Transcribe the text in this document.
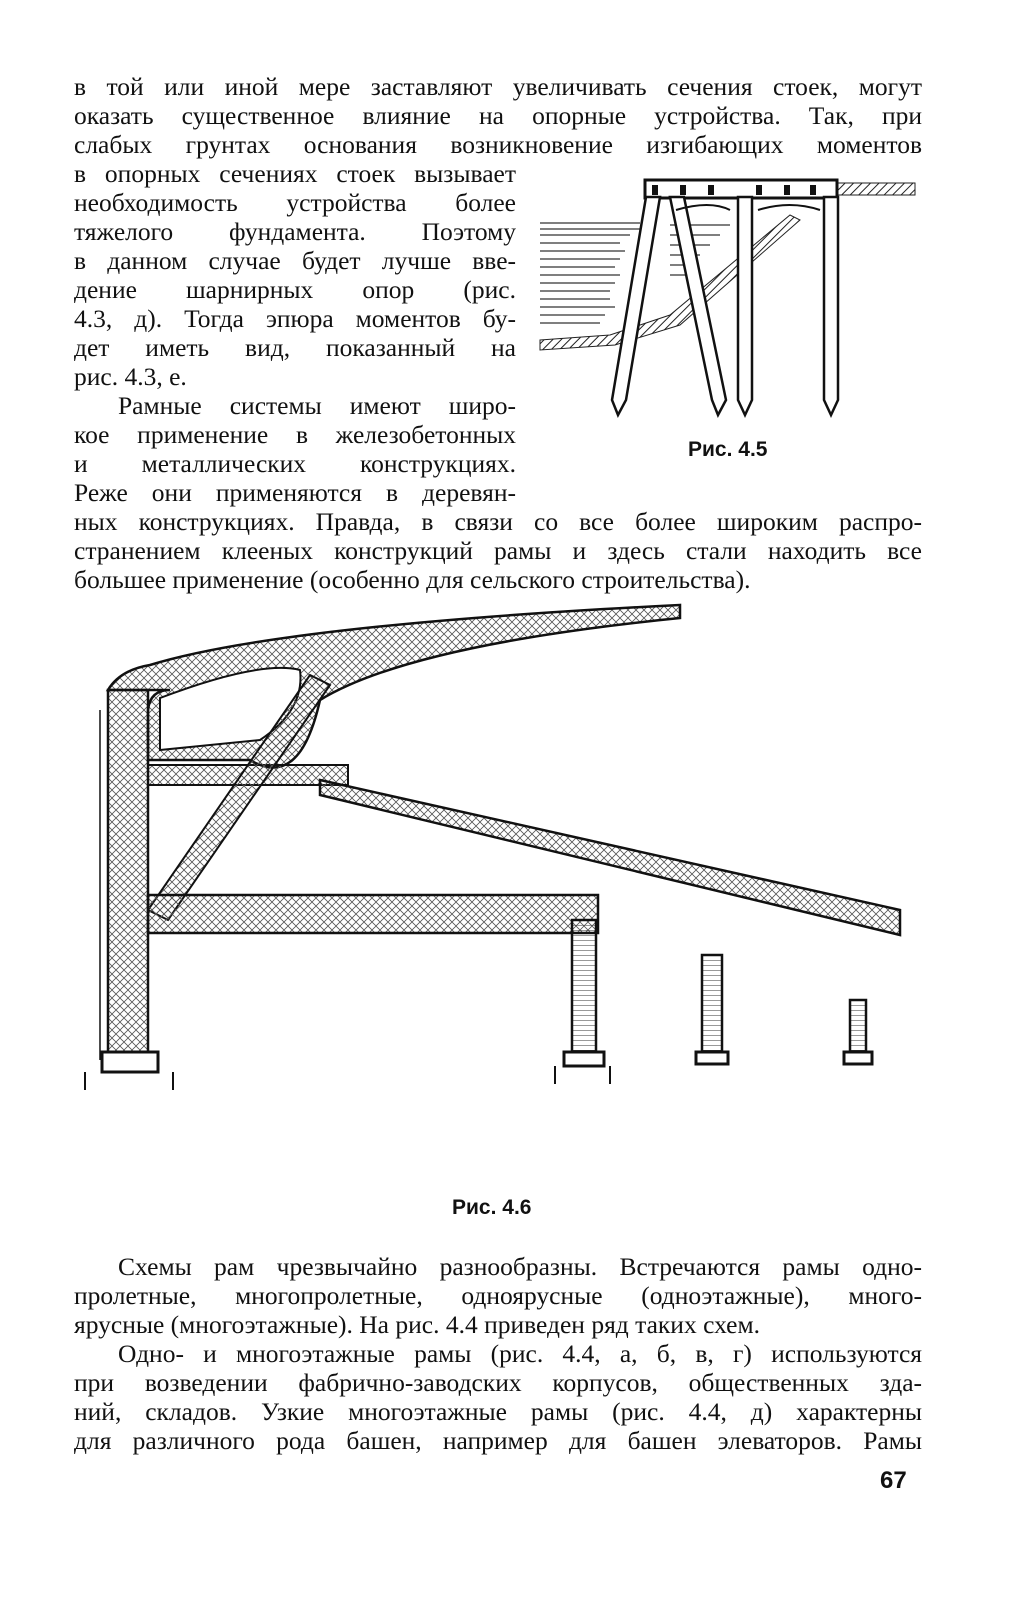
в той или иной мере заставляют увеличивать сечения стоек, могут
оказать существенное влияние на опорные устройства. Так, при
слабых грунтах основания возникновение изгибающих моментов
в опорных сечениях стоек вызывает
необходимость устройства более
тяжелого фундамента. Поэтому
в данном случае будет лучше вве-
дение шарнирных опор (рис.
4.3, д). Тогда эпюра моментов бу-
дет иметь вид, показанный на
рис. 4.3, е.
Рамные системы имеют широ-
кое применение в железобетонных
и металлических конструкциях.
Реже они применяются в деревян-
ных конструкциях. Правда, в связи со все более широким распро-
странением клееных конструкций рамы и здесь стали находить все
большее применение (особенно для сельского строительства).
Рис. 4.5
Рис. 4.6
Схемы рам чрезвычайно разнообразны. Встречаются рамы одно-
пролетные, многопролетные, одноярусные (одноэтажные), много-
ярусные (многоэтажные). На рис. 4.4 приведен ряд таких схем.
Одно- и многоэтажные рамы (рис. 4.4, а, б, в, г) используются
при возведении фабрично-заводских корпусов, общественных зда-
ний, складов. Узкие многоэтажные рамы (рис. 4.4, д) характерны
для различного рода башен, например для башен элеваторов. Рамы
67
